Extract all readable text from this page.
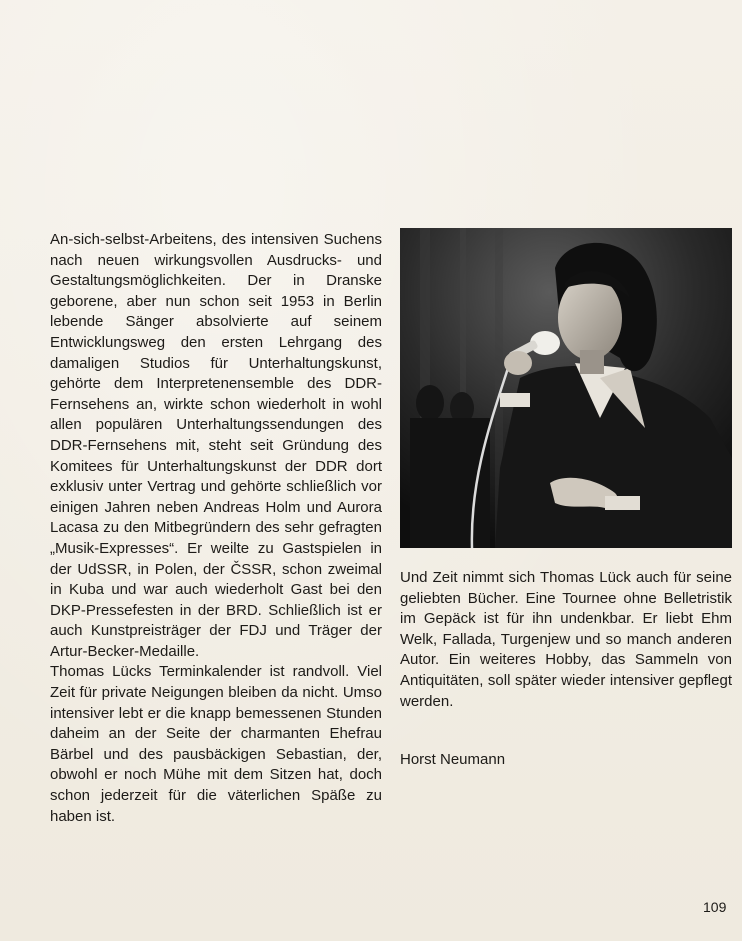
An-sich-selbst-Arbeitens, des intensiven Suchens nach neuen wirkungsvollen Ausdrucks- und Gestaltungsmöglichkeiten. Der in Dranske geborene, aber nun schon seit 1953 in Berlin lebende Sänger absolvierte auf seinem Entwicklungsweg den ersten Lehrgang des damaligen Studios für Unterhaltungskunst, gehörte dem Interpretenensemble des DDR-Fernsehens an, wirkte schon wiederholt in wohl allen populären Unterhaltungssendungen des DDR-Fernsehens mit, steht seit Gründung des Komitees für Unterhaltungskunst der DDR dort exklusiv unter Vertrag und gehörte schließlich vor einigen Jahren neben Andreas Holm und Aurora Lacasa zu den Mitbegründern des sehr gefragten „Musik-Expresses“. Er weilte zu Gastspielen in der UdSSR, in Polen, der ČSSR, schon zweimal in Kuba und war auch wiederholt Gast bei den DKP-Pressefesten in der BRD. Schließlich ist er auch Kunstpreisträger der FDJ und Träger der Artur-Becker-Medaille.

Thomas Lücks Terminkalender ist randvoll. Viel Zeit für private Neigungen bleiben da nicht. Umso intensiver lebt er die knapp bemessenen Stunden daheim an der Seite der charmanten Ehefrau Bärbel und des pausbäckigen Sebastian, der, obwohl er noch Mühe mit dem Sitzen hat, doch schon jederzeit für die väterlichen Späße zu haben ist.

Und Zeit nimmt sich Thomas Lück auch für seine geliebten Bücher. Eine Tournee ohne Belletristik im Gepäck ist für ihn undenkbar. Er liebt Ehm Welk, Fallada, Turgenjew und so manch anderen Autor. Ein weiteres Hobby, das Sammeln von Antiquitäten, soll später wieder intensiver gepflegt werden.

Horst Neumann
109
